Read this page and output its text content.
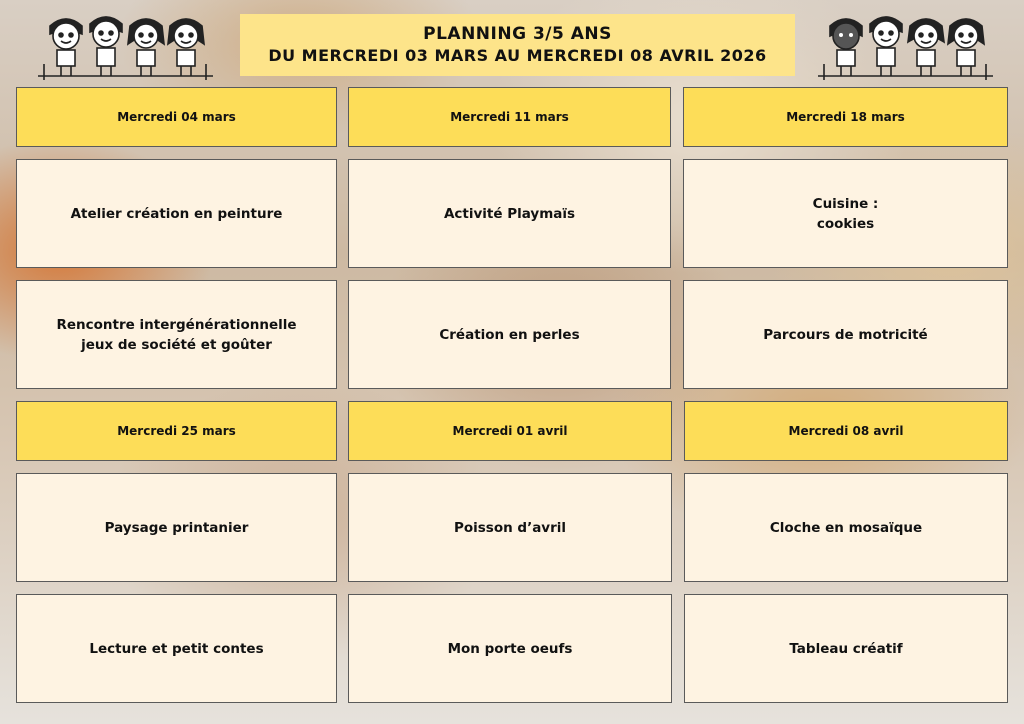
PLANNING 3/5 ANS
DU MERCREDI 03 MARS AU MERCREDI 08 AVRIL 2026
Mercredi 04 mars
Atelier création en peinture
Rencontre intergénérationnelle
jeux de société et goûter
Mercredi 11 mars
Activité Playmaïs
Création en perles
Mercredi 18 mars
Cuisine :
cookies
Parcours de motricité
Mercredi 25 mars
Paysage printanier
Lecture et petit contes
Mercredi 01 avril
Poisson d’avril
Mon porte oeufs
Mercredi 08 avril
Cloche en mosaïque
Tableau créatif
